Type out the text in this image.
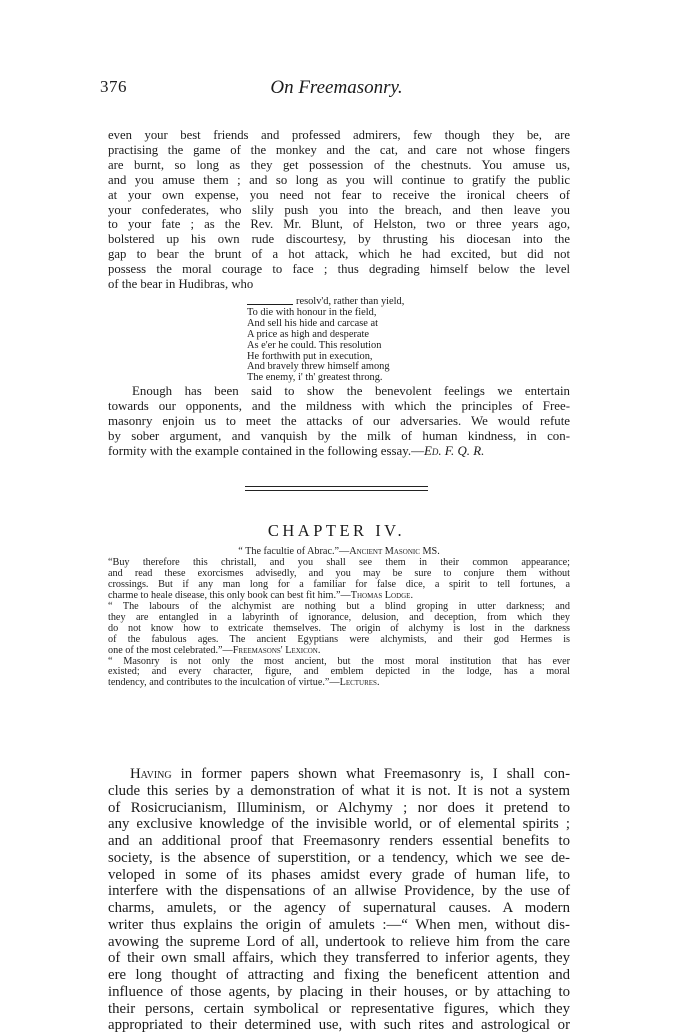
376	On Freemasonry.
even your best friends and professed admirers, few though they be, are
practising the game of the monkey and the cat, and care not whose fingers
are burnt, so long as they get possession of the chestnuts. You amuse us,
and you amuse them ; and so long as you will continue to gratify the public
at your own expense, you need not fear to receive the ironical cheers of
your confederates, who slily push you into the breach, and then leave you
to your fate ; as the Rev. Mr. Blunt, of Helston, two or three years ago,
bolstered up his own rude discourtesy, by thrusting his diocesan into the
gap to bear the brunt of a hot attack, which he had excited, but did not
possess the moral courage to face ; thus degrading himself below the level
of the bear in Hudibras, who
resolv'd, rather than yield,
To die with honour in the field,
And sell his hide and carcase at
A price as high and desperate
As e'er he could. This resolution
He forthwith put in execution,
And bravely threw himself among
The enemy, i' th' greatest throng.
Enough has been said to show the benevolent feelings we entertain
towards our opponents, and the mildness with which the principles of Free-
masonry enjoin us to meet the attacks of our adversaries. We would refute
by sober argument, and vanquish by the milk of human kindness, in con-
formity with the example contained in the following essay.—Ed. F. Q. R.
CHAPTER IV.
“ The facultie of Abrac.”—Ancient Masonic MS.
“Buy therefore this christall, and you shall see them in their common appearance;
and read these exorcismes advisedly, and you may be sure to conjure them without
crossings. But if any man long for a familiar for false dice, a spirit to tell fortunes, a
charme to heale disease, this only book can best fit him.”—Thomas Lodge.
“ The labours of the alchymist are nothing but a blind groping in utter darkness; and
they are entangled in a labyrinth of ignorance, delusion, and deception, from which they
do not know how to extricate themselves. The origin of alchymy is lost in the darkness
of the fabulous ages. The ancient Egyptians were alchymists, and their god Hermes is
one of the most celebrated.”—Freemasons' Lexicon.
“ Masonry is not only the most ancient, but the most moral institution that has ever
existed; and every character, figure, and emblem depicted in the lodge, has a moral
tendency, and contributes to the inculcation of virtue.”—Lectures.
Having in former papers shown what Freemasonry is, I shall con-
clude this series by a demonstration of what it is not. It is not a system
of Rosicrucianism, Illuminism, or Alchymy ; nor does it pretend to
any exclusive knowledge of the invisible world, or of elemental spirits ;
and an additional proof that Freemasonry renders essential benefits to
society, is the absence of superstition, or a tendency, which we see de-
veloped in some of its phases amidst every grade of human life, to
interfere with the dispensations of an allwise Providence, by the use of
charms, amulets, or the agency of supernatural causes. A modern
writer thus explains the origin of amulets :—“ When men, without dis-
avowing the supreme Lord of all, undertook to relieve him from the care
of their own small affairs, which they transferred to inferior agents, they
ere long thought of attracting and fixing the beneficent attention and
influence of those agents, by placing in their houses, or by attaching to
their persons, certain symbolical or representative figures, which they
appropriated to their determined use, with such rites and astrological or
